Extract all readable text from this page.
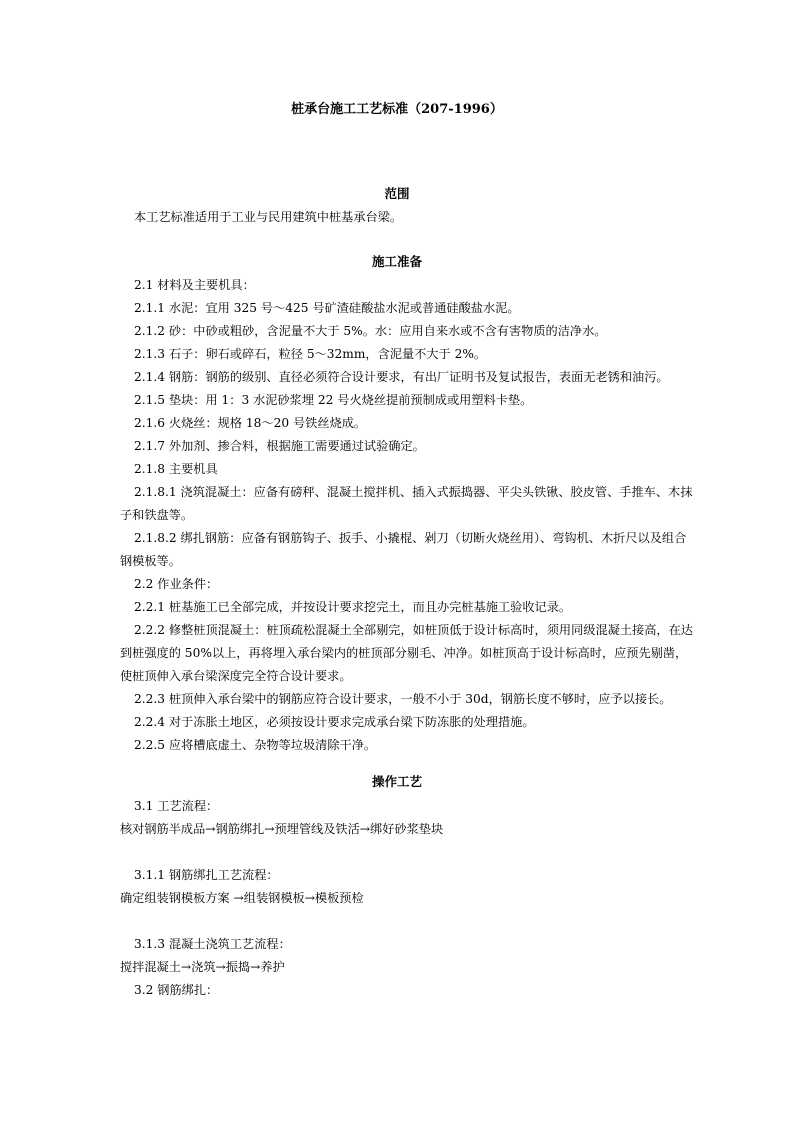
桩承台施工工艺标准（207-1996）
范围
施工准备
操作工艺
本工艺标准适用于工业与民用建筑中桩基承台梁。
2.1 材料及主要机具：
2.1.1 水泥：宜用 325 号～425 号矿渣硅酸盐水泥或普通硅酸盐水泥。
2.1.2 砂：中砂或粗砂，含泥量不大于 5%。水：应用自来水或不含有害物质的洁净水。
2.1.3 石子：卵石或碎石，粒径 5～32mm，含泥量不大于 2%。
2.1.4 钢筋：钢筋的级别、直径必须符合设计要求，有出厂证明书及复试报告，表面无老锈和油污。
2.1.5 垫块：用 1：3 水泥砂浆埋 22 号火烧丝提前预制成或用塑料卡垫。
2.1.6 火烧丝：规格 18～20 号铁丝烧成。
2.1.7 外加剂、掺合料，根据施工需要通过试验确定。
2.1.8 主要机具
2.1.8.1 浇筑混凝土：应备有磅秤、混凝土搅拌机、插入式振捣器、平尖头铁锹、胶皮管、手推车、木抹
子和铁盘等。
2.1.8.2 绑扎钢筋：应备有钢筋钩子、扳手、小撬棍、剁刀（切断火烧丝用）、弯钩机、木折尺以及组合
钢模板等。
2.2 作业条件：
2.2.1 桩基施工已全部完成，并按设计要求挖完土，而且办完桩基施工验收记录。
2.2.2 修整桩顶混凝土：桩顶疏松混凝土全部剔完，如桩顶低于设计标高时，须用同级混凝土接高，在达
到桩强度的 50%以上，再将埋入承台梁内的桩顶部分剔毛、冲净。如桩顶高于设计标高时，应预先剔凿，
使桩顶伸入承台梁深度完全符合设计要求。
2.2.3 桩顶伸入承台梁中的钢筋应符合设计要求，一般不小于 30d，钢筋长度不够时，应予以接长。
2.2.4 对于冻胀土地区，必须按设计要求完成承台梁下防冻胀的处理措施。
2.2.5 应将槽底虚土、杂物等垃圾清除干净。
3.1 工艺流程：
核对钢筋半成品→钢筋绑扎→预埋管线及铁活→绑好砂浆垫块
3.1.1 钢筋绑扎工艺流程：
确定组装钢模板方案 →组装钢模板→模板预检
3.1.3 混凝土浇筑工艺流程：
搅拌混凝土→浇筑→振捣→养护
3.2 钢筋绑扎：
